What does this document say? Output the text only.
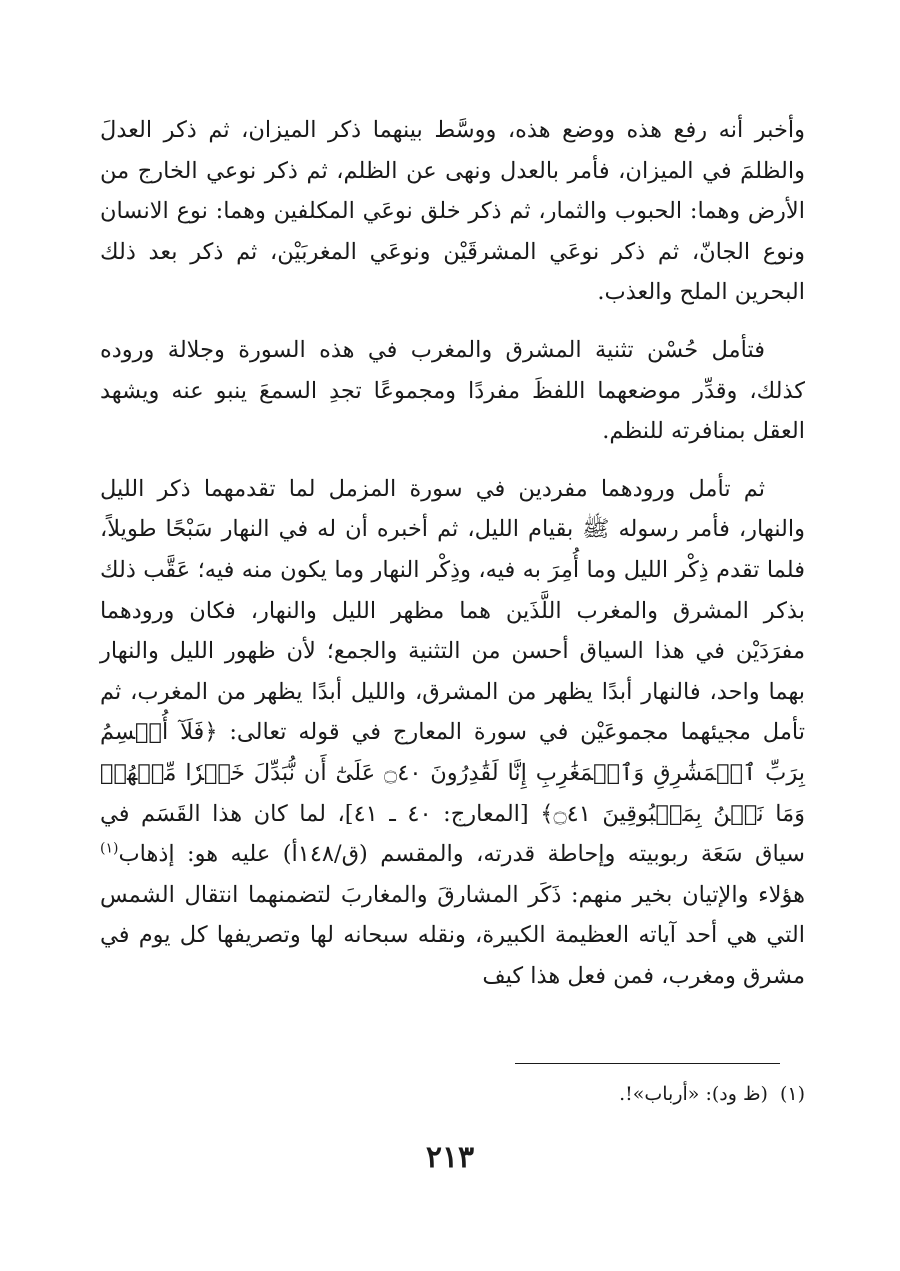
وأخبر أنه رفع هذه ووضع هذه، ووسَّط بينهما ذكر الميزان، ثم ذكر العدلَ والظلمَ في الميزان، فأمر بالعدل ونهى عن الظلم، ثم ذكر نوعي الخارج من الأرض وهما: الحبوب والثمار، ثم ذكر خلق نوعَي المكلفين وهما: نوع الانسان ونوع الجانّ، ثم ذكر نوعَي المشرقَيْن ونوعَي المغربَيْن، ثم ذكر بعد ذلك البحرين الملح والعذب.

فتأمل حُسْن تثنية المشرق والمغرب في هذه السورة وجلالة وروده كذلك، وقدِّر موضعهما اللفظَ مفردًا ومجموعًا تجدِ السمعَ ينبو عنه ويشهد العقل بمنافرته للنظم.

ثم تأمل ورودهما مفردين في سورة المزمل لما تقدمهما ذكر الليل والنهار، فأمر رسوله ﷺ بقيام الليل، ثم أخبره أن له في النهار سَبْحًا طويلاً، فلما تقدم ذِكْر الليل وما أُمِرَ به فيه، وذِكْر النهار وما يكون منه فيه؛ عَقَّب ذلك بذكر المشرق والمغرب اللَّذَين هما مظهر الليل والنهار، فكان ورودهما مفرَدَيْن في هذا السياق أحسن من التثنية والجمع؛ لأن ظهور الليل والنهار بهما واحد، فالنهار أبدًا يظهر من المشرق، والليل أبدًا يظهر من المغرب، ثم تأمل مجيئهما مجموعَيْن في سورة المعارج في قوله تعالى: ﴿فَلَآ أُقۡسِمُ بِرَبِّ ٱلۡمَشَٰرِقِ وَٱلۡمَغَٰرِبِ إِنَّا لَقَٰدِرُونَ ۝٤٠ عَلَىٰٓ أَن نُّبَدِّلَ خَيۡرٗا مِّنۡهُمۡ وَمَا نَحۡنُ بِمَسۡبُوقِينَ ۝٤١﴾ [المعارج: ٤٠ ـ ٤١]، لما كان هذا القَسَم في سياق سَعَة ربوبيته وإحاطة قدرته، والمقسم (ق/١٤٨أ) عليه هو: إذهاب$^{(١)}$ هؤلاء والإتيان بخير منهم: ذَكَر المشارقَ والمغاربَ لتضمنهما انتقال الشمس التي هي أحد آياته العظيمة الكبيرة، ونقله سبحانه لها وتصريفها كل يوم في مشرق ومغرب، فمن فعل هذا كيف

(١)(ظ ود): «أرباب»!.
٢١٣
